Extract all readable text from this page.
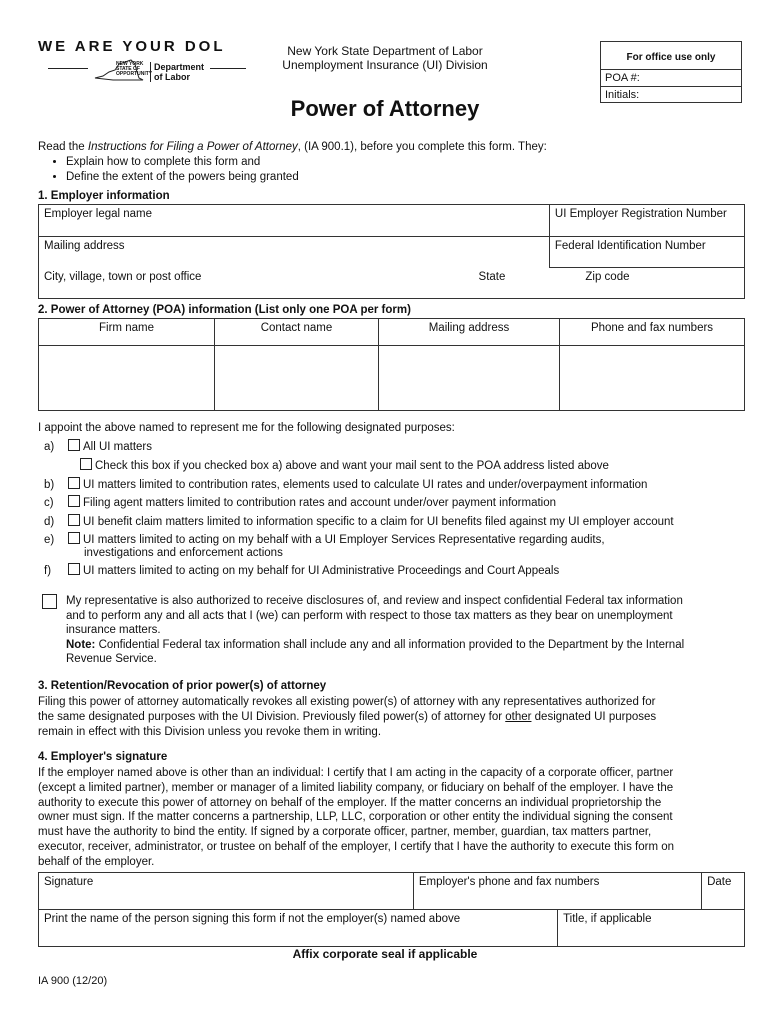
WE ARE YOUR DOL
NEW YORK STATE OF OPPORTUNITY
Department
of Labor
New York State Department of Labor
Unemployment Insurance (UI) Division
For office use only
POA #:
Initials:
Power of Attorney
Read the Instructions for Filing a Power of Attorney, (IA 900.1), before you complete this form. They:
• Explain how to complete this form and
• Define the extent of the powers being granted
1. Employer information
Employer legal name		UI Employer Registration Number
Mailing address		Federal Identification Number
City, village, town or post office	State	Zip code
2. Power of Attorney (POA) information (List only one POA per form)
Firm name	Contact name	Mailing address	Phone and fax numbers

I appoint the above named to represent me for the following designated purposes:
a)	All UI matters
Check this box if you checked box a) above and want your mail sent to the POA address listed above
b)	UI matters limited to contribution rates, elements used to calculate UI rates and under/overpayment information
c)	Filing agent matters limited to contribution rates and account under/over payment information
d)	UI benefit claim matters limited to information specific to a claim for UI benefits filed against my UI employer account
e)	UI matters limited to acting on my behalf with a UI Employer Services Representative regarding audits,
investigations and enforcement actions
f)	UI matters limited to acting on my behalf for UI Administrative Proceedings and Court Appeals
My representative is also authorized to receive disclosures of, and review and inspect confidential Federal tax information
and to perform any and all acts that I (we) can perform with respect to those tax matters as they bear on unemployment
insurance matters.
Note: Confidential Federal tax information shall include any and all information provided to the Department by the Internal
Revenue Service.
3. Retention/Revocation of prior power(s) of attorney
Filing this power of attorney automatically revokes all existing power(s) of attorney with any representatives authorized for
the same designated purposes with the UI Division. Previously filed power(s) of attorney for other designated UI purposes
remain in effect with this Division unless you revoke them in writing.
4. Employer's signature
If the employer named above is other than an individual: I certify that I am acting in the capacity of a corporate officer, partner
(except a limited partner), member or manager of a limited liability company, or fiduciary on behalf of the employer. I have the
authority to execute this power of attorney on behalf of the employer. If the matter concerns an individual proprietorship the
owner must sign. If the matter concerns a partnership, LLP, LLC, corporation or other entity the individual signing the consent
must have the authority to bind the entity. If signed by a corporate officer, partner, member, guardian, tax matters partner,
executor, receiver, administrator, or trustee on behalf of the employer, I certify that I have the authority to execute this form on
behalf of the employer.
Signature	Employer's phone and fax numbers		Date
Print the name of the person signing this form if not the employer(s) named above		Title, if applicable	
Affix corporate seal if applicable
IA 900 (12/20)
